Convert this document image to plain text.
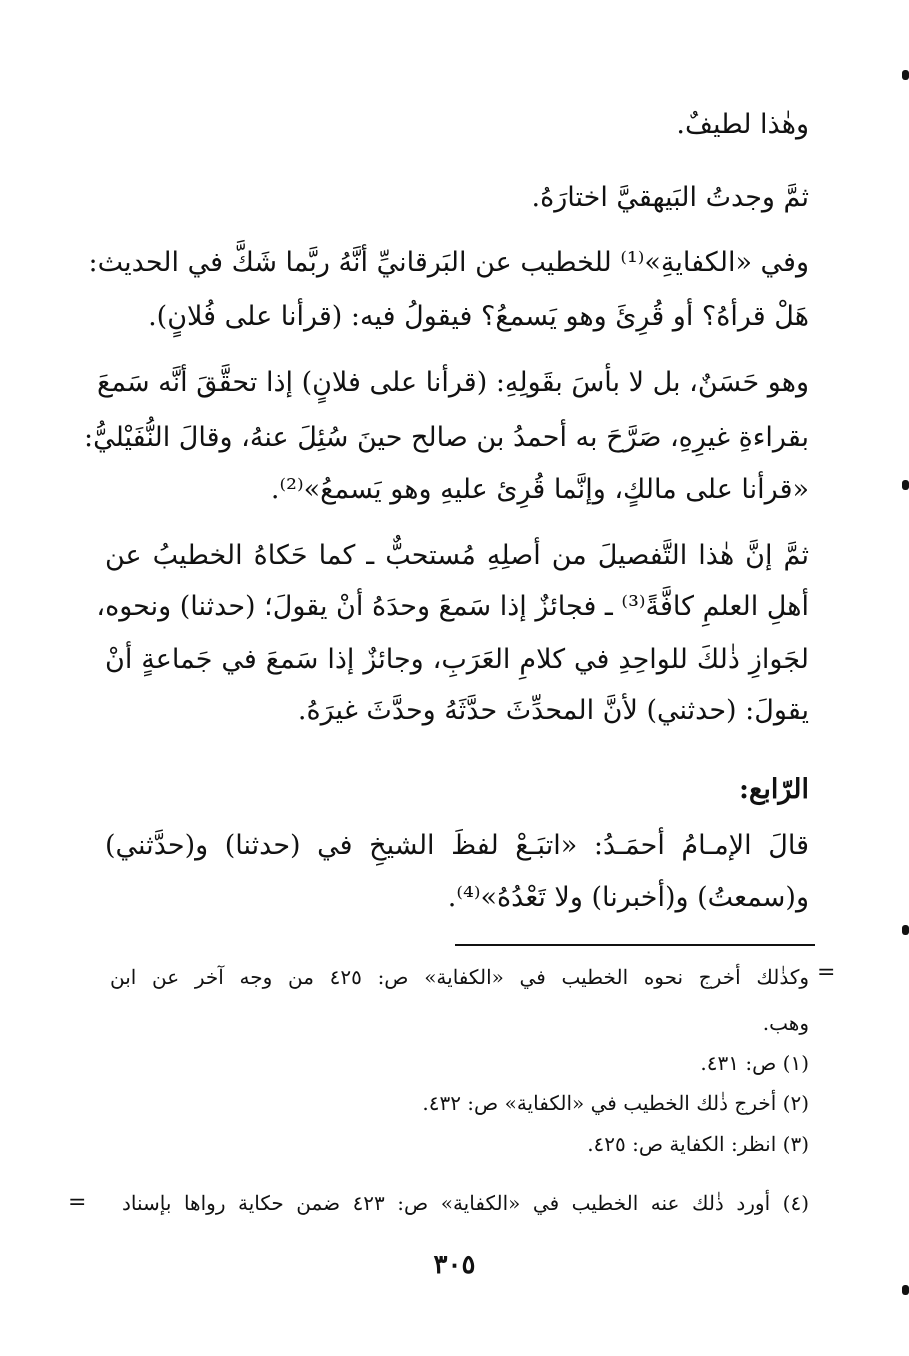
وهٰذا لطيفٌ.
ثمَّ وجدتُ البَيهقيَّ اختارَهُ.
وفي «الكفايةِ»⁽¹⁾ للخطيب عن البَرقانيِّ أنَّهُ ربَّما شَكَّ في الحديث:
هَلْ قرأهُ؟ أو قُرِئَ وهو يَسمعُ؟ فيقولُ فيه: (قرأنا على فُلانٍ).
وهو حَسَنٌ، بل لا بأسَ بقَولِهِ: (قرأنا على فلانٍ) إذا تحقَّقَ أنَّه سَمعَ
بقراءةِ غيرِهِ، صَرَّحَ به أحمدُ بن صالح حينَ سُئِلَ عنهُ، وقالَ النُّفَيْليُّ:
«قرأنا على مالكٍ، وإنَّما قُرِئ عليهِ وهو يَسمعُ»⁽²⁾.
ثمَّ إنَّ هٰذا التَّفصيلَ من أصلِهِ مُستحبٌّ ـ كما حَكاهُ الخطيبُ عن
أهلِ العلمِ كافَّةً⁽³⁾ ـ فجائزٌ إذا سَمعَ وحدَهُ أنْ يقولَ؛ (حدثنا) ونحوه،
لجَوازِ ذٰلكَ للواحِدِ في كلامِ العَرَبِ، وجائزٌ إذا سَمعَ في جَماعةٍ أنْ
يقولَ: (حدثني) لأنَّ المحدِّثَ حدَّثَهُ وحدَّثَ غيرَهُ.
الرّابع:
قالَ الإمـامُ أحمَـدُ: «اتبَـعْ لفظَ الشيخِ في (حدثنا) و(حدَّثني)
و(سمعتُ) و(أخبرنا) ولا تَعْدُهُ»⁽⁴⁾.
=
وكذٰلك أخرج نحوه الخطيب في «الكفاية» ص: ٤٢٥ من وجه آخر عن ابن
وهب.
(١) ص: ٤٣١.
(٢) أخرج ذٰلك الخطيب في «الكفاية» ص: ٤٣٢.
(٣) انظر: الكفاية ص: ٤٢٥.
(٤) أورد ذٰلك عنه الخطيب في «الكفاية» ص: ٤٢٣ ضمن حكاية رواها بإسناد
=
٣٠٥
